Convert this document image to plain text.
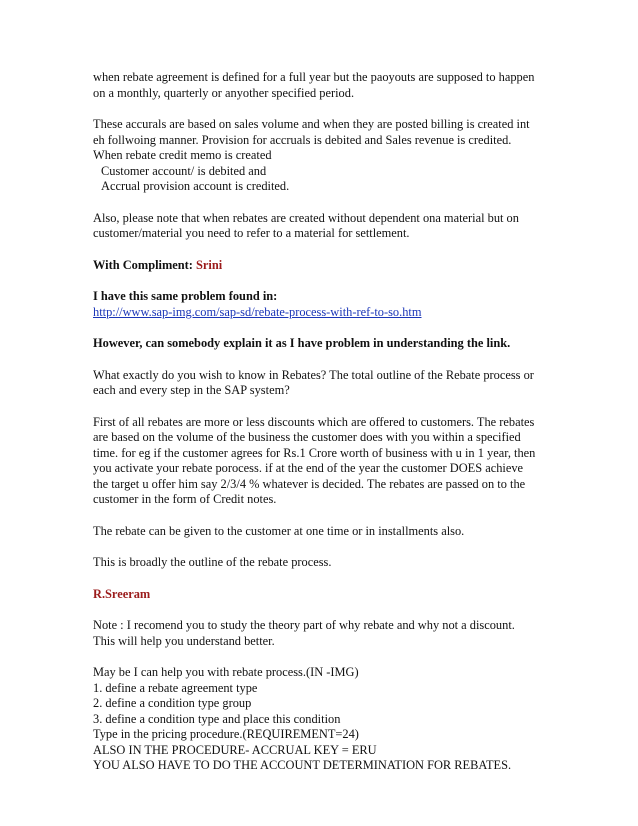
when rebate agreement is defined for a full year but the paoyouts are supposed to happen
on a monthly, quarterly or anyother specified period.
These accurals are based on sales volume and when they are posted billing is created int
eh follwoing manner. Provision for accruals is debited and Sales revenue is credited.
When rebate credit memo is created
Customer account/ is debited and
Accrual provision account is credited.
Also, please note that when rebates are created without dependent ona material but on
customer/material you need to refer to a material for settlement.
With Compliment: Srini
I have this same problem found in:
http://www.sap-img.com/sap-sd/rebate-process-with-ref-to-so.htm
However, can somebody explain it as I have problem in understanding the link.
What exactly do you wish to know in Rebates? The total outline of the Rebate process or
each and every step in the SAP system?
First of all rebates are more or less discounts which are offered to customers. The rebates
are based on the volume of the business the customer does with you within a specified
time. for eg if the customer agrees for Rs.1 Crore worth of business with u in 1 year, then
you activate your rebate porocess. if at the end of the year the customer DOES achieve
the target u offer him say 2/3/4 % whatever is decided. The rebates are passed on to the
customer in the form of Credit notes.
The rebate can be given to the customer at one time or in installments also.
This is broadly the outline of the rebate process.
R.Sreeram
Note : I recomend you to study the theory part of why rebate and why not a discount.
This will help you understand better.
May be I can help you with rebate process.(IN -IMG)
1. define a rebate agreement type
2. define a condition type group
3. define a condition type and place this condition
Type in the pricing procedure.(REQUIREMENT=24)
ALSO IN THE PROCEDURE- ACCRUAL KEY = ERU
YOU ALSO HAVE TO DO THE ACCOUNT DETERMINATION FOR REBATES.
